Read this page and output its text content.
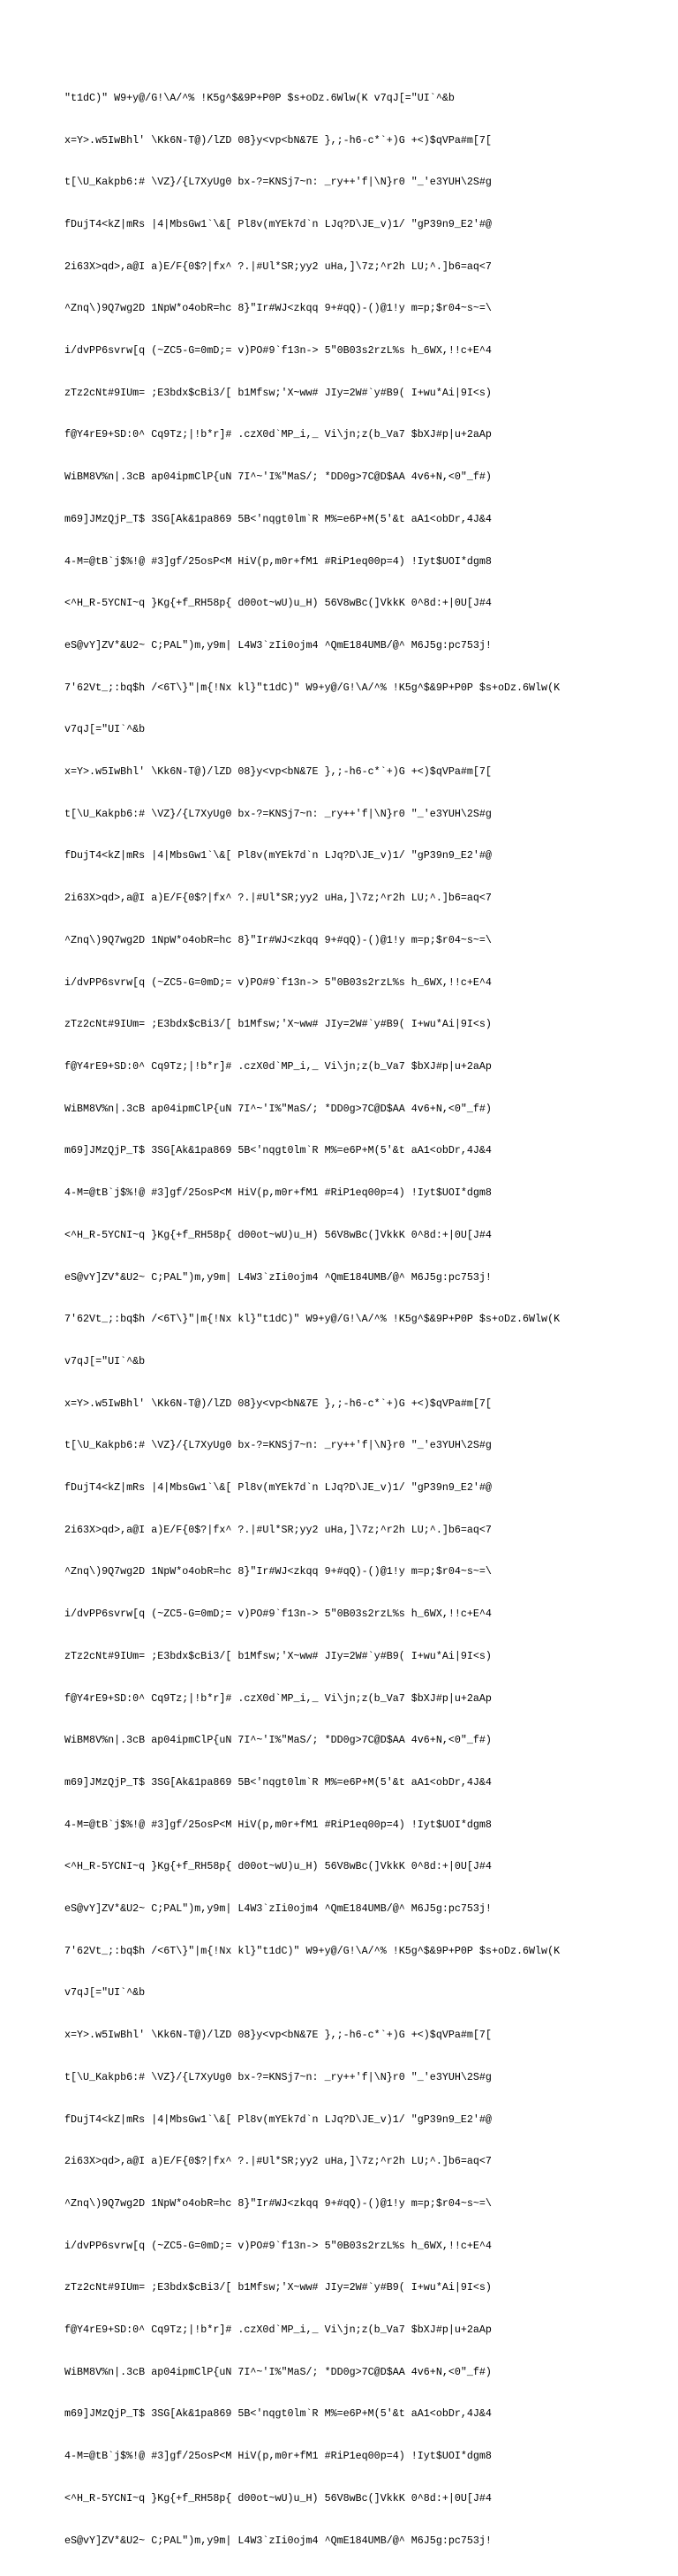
"t1dC)" W9+y@/G!\A/^% !K5g^$&9P+P0P $s+oDz.6Wlw(K v7qJ[="UI`^&b

x=Y>.w5IwBhl' \Kk6N-T@)/lZD 08}y<vp<bN&7E },;-h6-c*`+)G +<)$qVPa#m[7[

t[\U_Kakpb6:# \VZ}/{L7XyUg0 bx-?=KNSj7~n: _ry++'f|\N}r0 "_'e3YUH\2S#g

fDujT4<kZ|mRs |4|MbsGw1`\&[ Pl8v(mYEk7d`n LJq?D\JE_v)1/ "gP39n9_E2'#@

2i63X>qd>,a@I a)E/F{0$?|fx^ ?.|#Ul*SR;yy2 uHa,]\7z;^r2h LU;^.]b6=aq<7

^Znq\)9Q7wg2D 1NpW*o4obR=hc 8}"Ir#WJ<zkqq 9+#qQ)-()@1!y m=p;$r04~s~=\

i/dvPP6svrw[q (~ZC5-G=0mD;= v)PO#9`f13n-> 5"0B03s2rzL%s h_6WX,!!c+E^4

zTz2cNt#9IUm= ;E3bdx$cBi3/[ b1Mfsw;'X~ww# JIy=2W#`y#B9( I+wu*Ai|9I<s)

f@Y4rE9+SD:0^ Cq9Tz;|!b*r]# .czX0d`MP_i,_ Vi\jn;z(b_Va7 $bXJ#p|u+2aAp

WiBM8V%n|.3cB ap04ipmClP{uN 7I^~'I%"MaS/; *DD0g>7C@D$AA 4v6+N,<0"_f#)

m69]JMzQjP_T$ 3SG[Ak&1pa869 5B<'nqgt0lm`R M%=e6P+M(5'&t aA1<obDr,4J&4

4-M=@tB`j$%!@ #3]gf/25osP<M HiV(p,m0r+fM1 #RiP1eq00p=4) !Iyt$UOI*dgm8

<^H_R-5YCNI~q }Kg{+f_RH58p{ d00ot~wU)u_H) 56V8wBc(]VkkK 0^8d:+|0U[J#4

eS@vY]ZV*&U2~ C;PAL")m,y9m| L4W3`zIi0ojm4 ^QmE184UMB/@^ M6J5g:pc753j!

7'62Vt_;:bq$h /<6T\}"|m{!Nx kl}"t1dC)" W9+y@/G!\A/^% !K5g^$&9P+P0P $s+oDz.6Wlw(K

v7qJ[="UI`^&b

x=Y>.w5IwBhl' \Kk6N-T@)/lZD 08}y<vp<bN&7E },;-h6-c*`+)G +<)$qVPa#m[7[

t[\U_Kakpb6:# \VZ}/{L7XyUg0 bx-?=KNSj7~n: _ry++'f|\N}r0 "_'e3YUH\2S#g

fDujT4<kZ|mRs |4|MbsGw1`\&[ Pl8v(mYEk7d`n LJq?D\JE_v)1/ "gP39n9_E2'#@

2i63X>qd>,a@I a)E/F{0$?|fx^ ?.|#Ul*SR;yy2 uHa,]\7z;^r2h LU;^.]b6=aq<7

^Znq\)9Q7wg2D 1NpW*o4obR=hc 8}"Ir#WJ<zkqq 9+#qQ)-()@1!y m=p;$r04~s~=\

i/dvPP6svrw[q (~ZC5-G=0mD;= v)PO#9`f13n-> 5"0B03s2rzL%s h_6WX,!!c+E^4

zTz2cNt#9IUm= ;E3bdx$cBi3/[ b1Mfsw;'X~ww# JIy=2W#`y#B9( I+wu*Ai|9I<s)

f@Y4rE9+SD:0^ Cq9Tz;|!b*r]# .czX0d`MP_i,_ Vi\jn;z(b_Va7 $bXJ#p|u+2aAp

WiBM8V%n|.3cB ap04ipmClP{uN 7I^~'I%"MaS/; *DD0g>7C@D$AA 4v6+N,<0"_f#)

m69]JMzQjP_T$ 3SG[Ak&1pa869 5B<'nqgt0lm`R M%=e6P+M(5'&t aA1<obDr,4J&4

4-M=@tB`j$%!@ #3]gf/25osP<M HiV(p,m0r+fM1 #RiP1eq00p=4) !Iyt$UOI*dgm8

<^H_R-5YCNI~q }Kg{+f_RH58p{ d00ot~wU)u_H) 56V8wBc(]VkkK 0^8d:+|0U[J#4

eS@vY]ZV*&U2~ C;PAL")m,y9m| L4W3`zIi0ojm4 ^QmE184UMB/@^ M6J5g:pc753j!

7'62Vt_;:bq$h /<6T\}"|m{!Nx kl}"t1dC)" W9+y@/G!\A/^% !K5g^$&9P+P0P $s+oDz.6Wlw(K

v7qJ[="UI`^&b

x=Y>.w5IwBhl' \Kk6N-T@)/lZD 08}y<vp<bN&7E },;-h6-c*`+)G +<)$qVPa#m[7[

t[\U_Kakpb6:# \VZ}/{L7XyUg0 bx-?=KNSj7~n: _ry++'f|\N}r0 "_'e3YUH\2S#g

fDujT4<kZ|mRs |4|MbsGw1`\&[ Pl8v(mYEk7d`n LJq?D\JE_v)1/ "gP39n9_E2'#@

2i63X>qd>,a@I a)E/F{0$?|fx^ ?.|#Ul*SR;yy2 uHa,]\7z;^r2h LU;^.]b6=aq<7

^Znq\)9Q7wg2D 1NpW*o4obR=hc 8}"Ir#WJ<zkqq 9+#qQ)-()@1!y m=p;$r04~s~=\

i/dvPP6svrw[q (~ZC5-G=0mD;= v)PO#9`f13n-> 5"0B03s2rzL%s h_6WX,!!c+E^4

zTz2cNt#9IUm= ;E3bdx$cBi3/[ b1Mfsw;'X~ww# JIy=2W#`y#B9( I+wu*Ai|9I<s)

f@Y4rE9+SD:0^ Cq9Tz;|!b*r]# .czX0d`MP_i,_ Vi\jn;z(b_Va7 $bXJ#p|u+2aAp

WiBM8V%n|.3cB ap04ipmClP{uN 7I^~'I%"MaS/; *DD0g>7C@D$AA 4v6+N,<0"_f#)

m69]JMzQjP_T$ 3SG[Ak&1pa869 5B<'nqgt0lm`R M%=e6P+M(5'&t aA1<obDr,4J&4

4-M=@tB`j$%!@ #3]gf/25osP<M HiV(p,m0r+fM1 #RiP1eq00p=4) !Iyt$UOI*dgm8

<^H_R-5YCNI~q }Kg{+f_RH58p{ d00ot~wU)u_H) 56V8wBc(]VkkK 0^8d:+|0U[J#4

eS@vY]ZV*&U2~ C;PAL")m,y9m| L4W3`zIi0ojm4 ^QmE184UMB/@^ M6J5g:pc753j!

7'62Vt_;:bq$h /<6T\}"|m{!Nx kl}"t1dC)" W9+y@/G!\A/^% !K5g^$&9P+P0P $s+oDz.6Wlw(K

v7qJ[="UI`^&b

x=Y>.w5IwBhl' \Kk6N-T@)/lZD 08}y<vp<bN&7E },;-h6-c*`+)G +<)$qVPa#m[7[

t[\U_Kakpb6:# \VZ}/{L7XyUg0 bx-?=KNSj7~n: _ry++'f|\N}r0 "_'e3YUH\2S#g

fDujT4<kZ|mRs |4|MbsGw1`\&[ Pl8v(mYEk7d`n LJq?D\JE_v)1/ "gP39n9_E2'#@

2i63X>qd>,a@I a)E/F{0$?|fx^ ?.|#Ul*SR;yy2 uHa,]\7z;^r2h LU;^.]b6=aq<7

^Znq\)9Q7wg2D 1NpW*o4obR=hc 8}"Ir#WJ<zkqq 9+#qQ)-()@1!y m=p;$r04~s~=\

i/dvPP6svrw[q (~ZC5-G=0mD;= v)PO#9`f13n-> 5"0B03s2rzL%s h_6WX,!!c+E^4

zTz2cNt#9IUm= ;E3bdx$cBi3/[ b1Mfsw;'X~ww# JIy=2W#`y#B9( I+wu*Ai|9I<s)

f@Y4rE9+SD:0^ Cq9Tz;|!b*r]# .czX0d`MP_i,_ Vi\jn;z(b_Va7 $bXJ#p|u+2aAp

WiBM8V%n|.3cB ap04ipmClP{uN 7I^~'I%"MaS/; *DD0g>7C@D$AA 4v6+N,<0"_f#)

m69]JMzQjP_T$ 3SG[Ak&1pa869 5B<'nqgt0lm`R M%=e6P+M(5'&t aA1<obDr,4J&4

4-M=@tB`j$%!@ #3]gf/25osP<M HiV(p,m0r+fM1 #RiP1eq00p=4) !Iyt$UOI*dgm8

<^H_R-5YCNI~q }Kg{+f_RH58p{ d00ot~wU)u_H) 56V8wBc(]VkkK 0^8d:+|0U[J#4

eS@vY]ZV*&U2~ C;PAL")m,y9m| L4W3`zIi0ojm4 ^QmE184UMB/@^ M6J5g:pc753j!
